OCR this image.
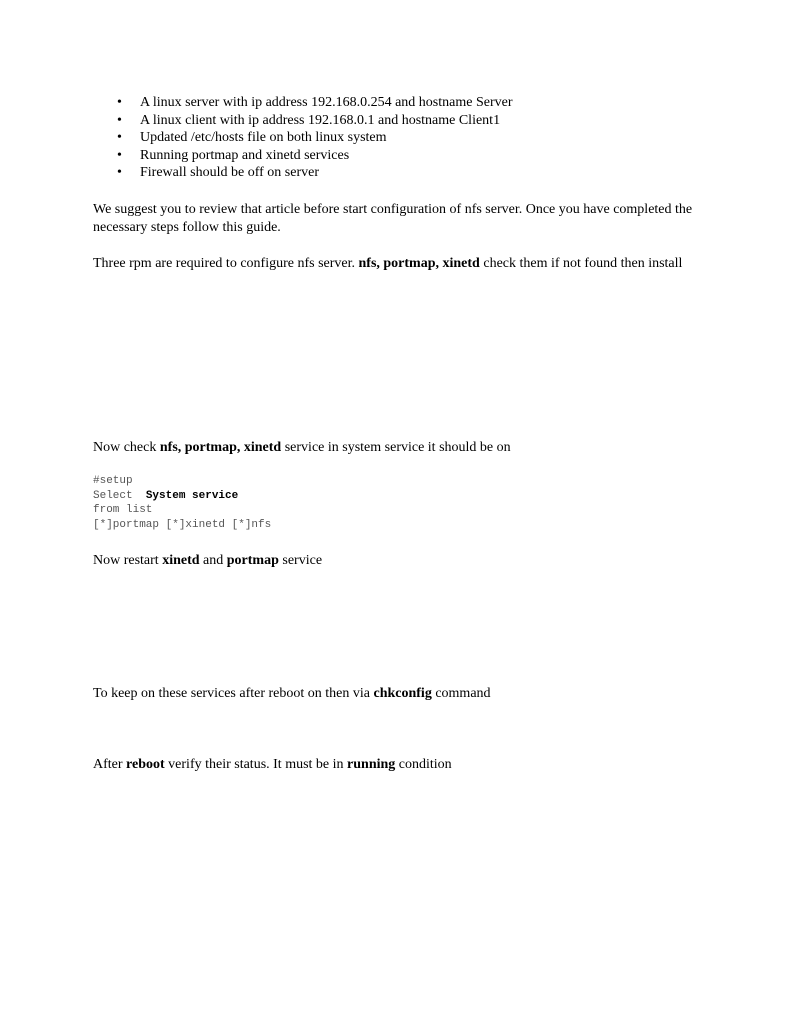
• A linux server with ip address 192.168.0.254 and hostname Server
• A linux client with ip address 192.168.0.1 and hostname Client1
• Updated /etc/hosts file on both linux system
• Running portmap and xinetd services
• Firewall should be off on server

We suggest you to review that article before start configuration of nfs server. Once you have completed the necessary steps follow this guide.

Three rpm are required to configure nfs server. nfs, portmap, xinetd check them if not found then install

Now check nfs, portmap, xinetd service in system service it should be on

#setup
Select  System service
from list
[*]portmap [*]xinetd [*]nfs

Now restart xinetd and portmap service

To keep on these services after reboot on then via chkconfig command

After reboot verify their status. It must be in running condition
